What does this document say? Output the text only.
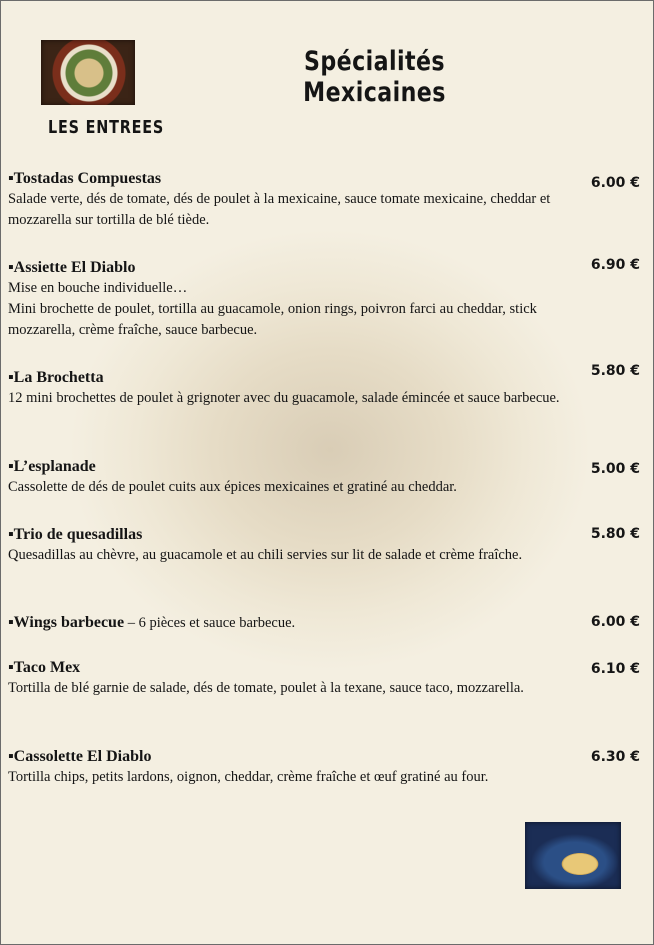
Spécialités Mexicaines
LES ENTREES
▪Tostadas Compuestas
Salade verte, dés de tomate, dés de poulet à la mexicaine, sauce tomate mexicaine, cheddar et mozzarella sur tortilla de blé tiède.
6.00 €
▪Assiette El Diablo
Mise en bouche individuelle…
Mini brochette de poulet, tortilla au guacamole, onion rings, poivron farci au cheddar, stick mozzarella, crème fraîche, sauce barbecue.
6.90 €
▪La Brochetta
12 mini brochettes de poulet à grignoter avec du guacamole, salade émincée et sauce barbecue.
5.80 €
▪L’esplanade
Cassolette de dés de poulet cuits aux épices mexicaines et gratiné au cheddar.
5.00 €
▪Trio de quesadillas
Quesadillas au chèvre, au guacamole et au chili servies sur lit de salade et crème fraîche.
5.80 €
▪Wings barbecue – 6 pièces et sauce barbecue.	6.00 €
▪Taco Mex
Tortilla de blé garnie de salade, dés de tomate, poulet à la texane, sauce taco, mozzarella.
6.10 €
▪Cassolette El Diablo
Tortilla chips, petits lardons, oignon, cheddar, crème fraîche et œuf gratiné au four.
6.30 €
